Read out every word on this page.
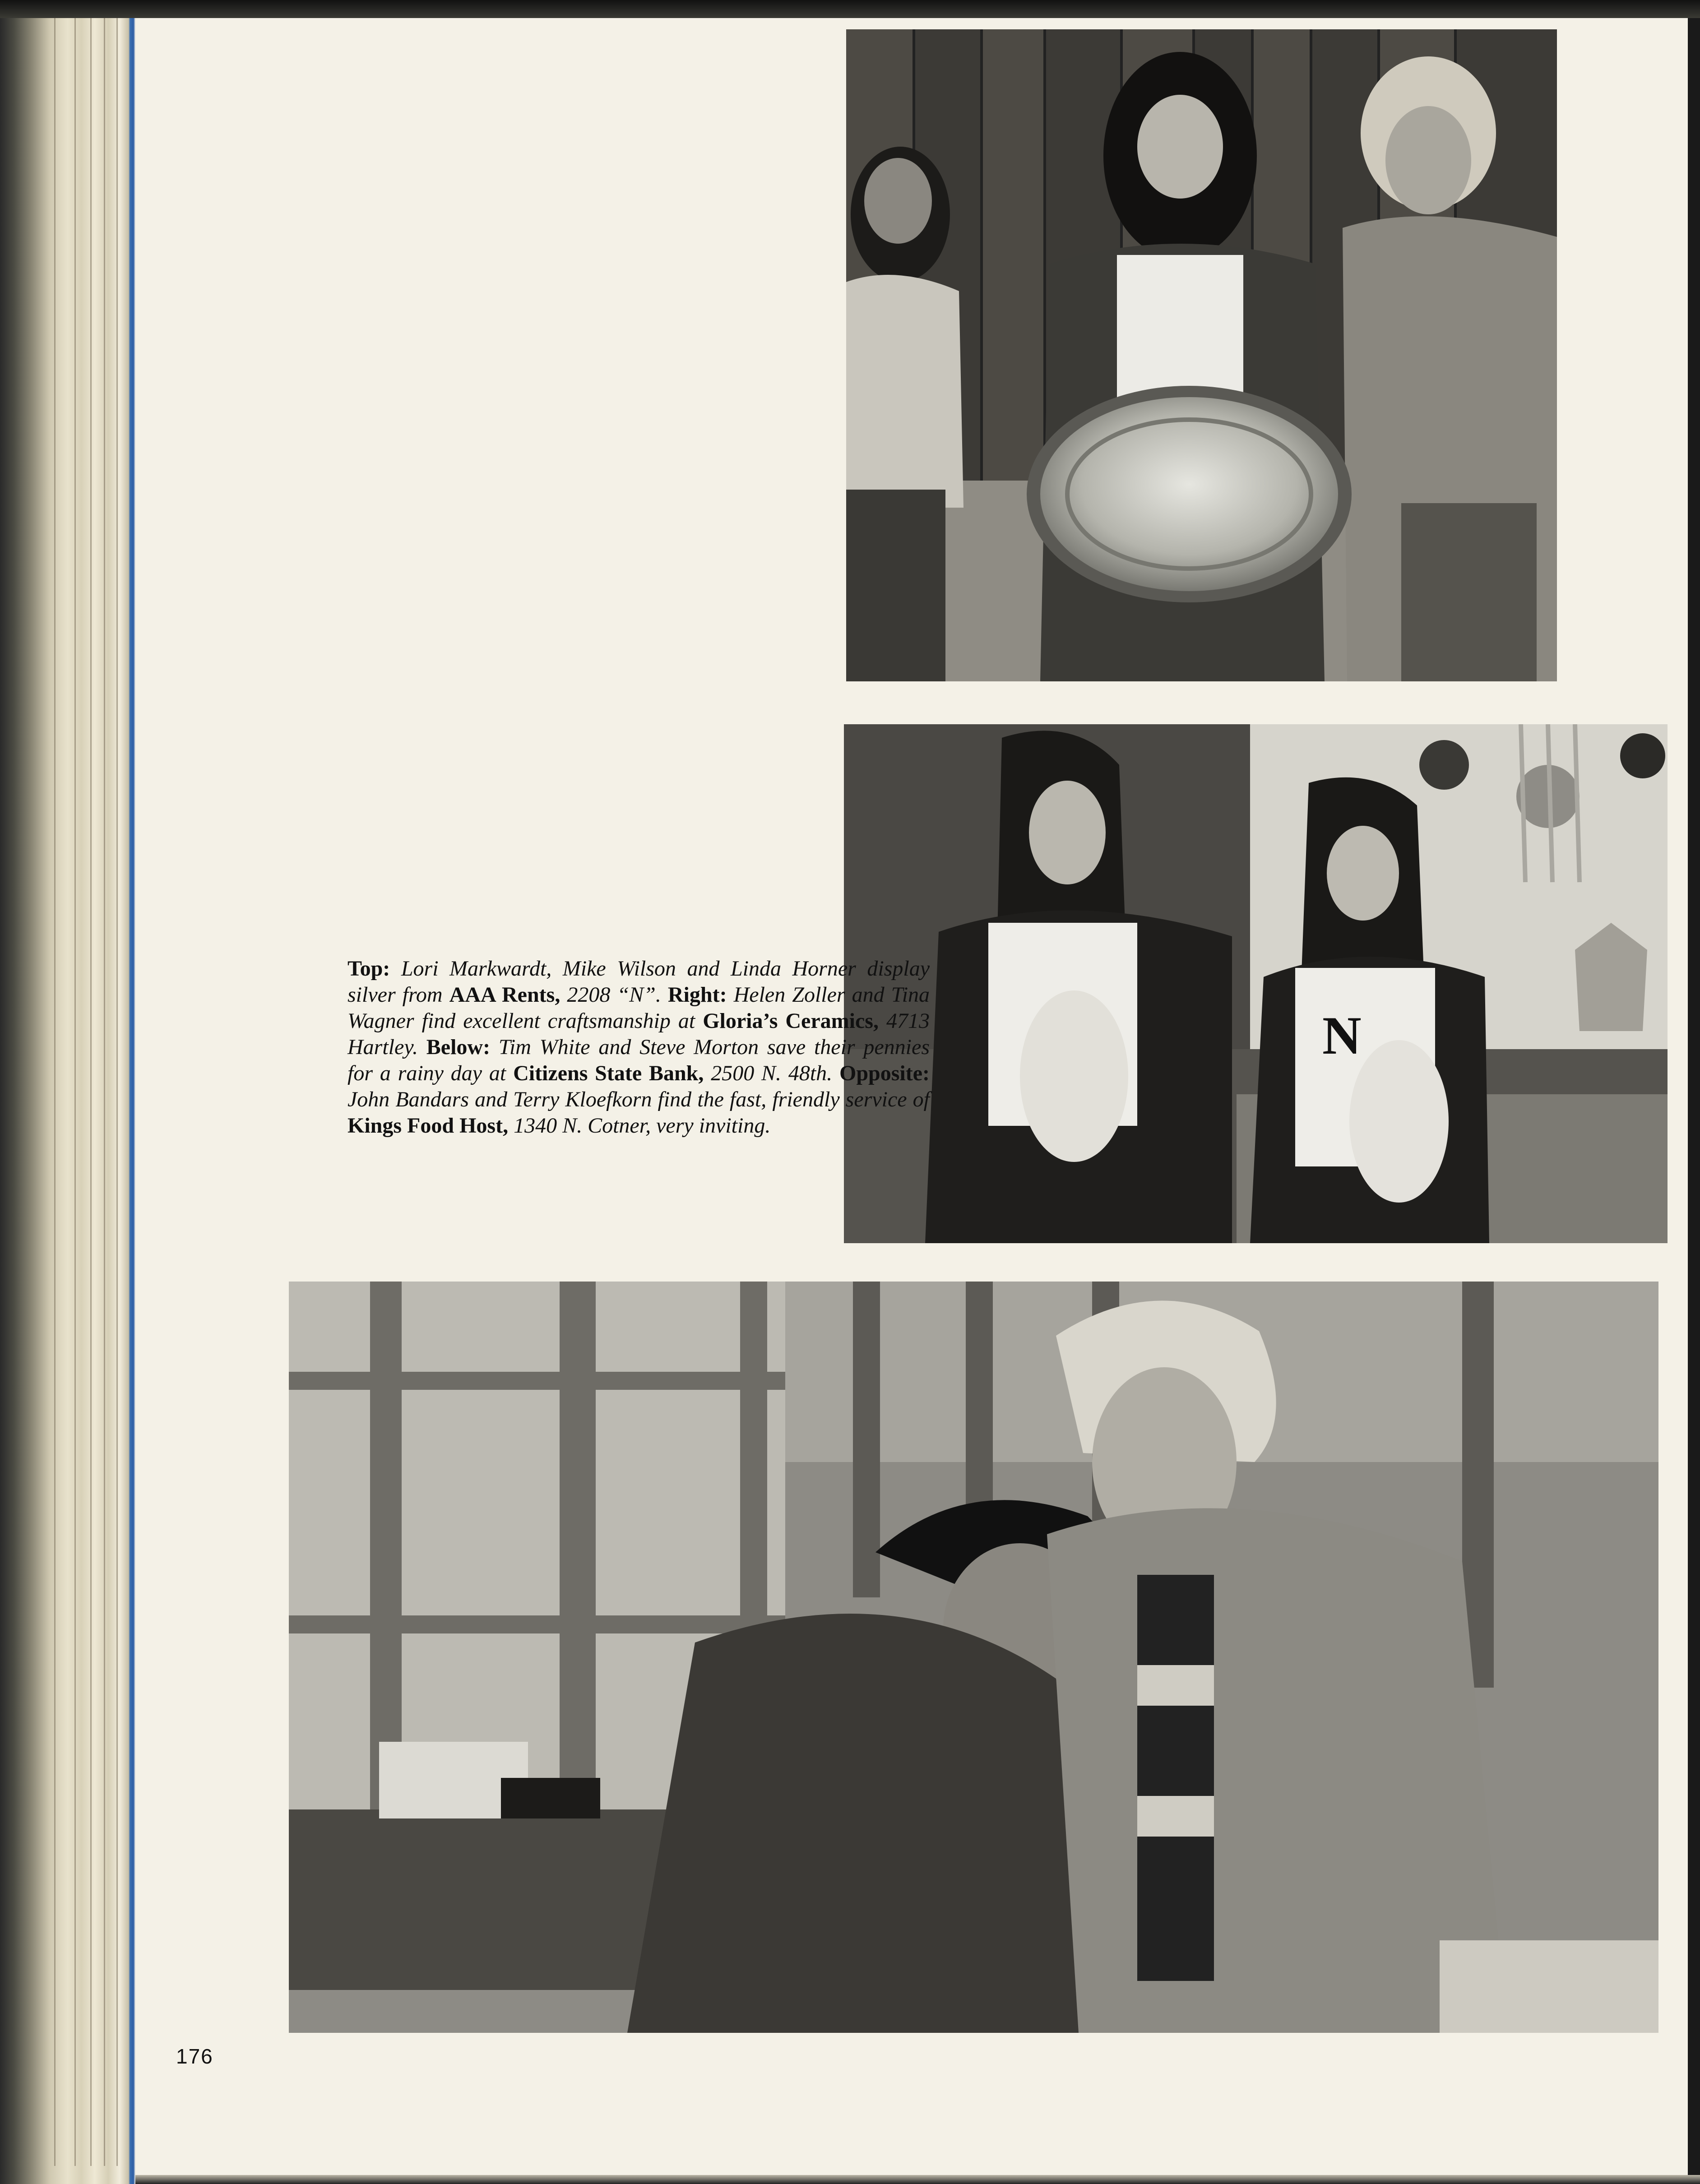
N

Top: Lori Markwardt, Mike Wilson and Linda Horner display silver from AAA Rents, 2208 “N”. Right: Helen Zoller and Tina Wagner find excellent craftsmanship at Gloria’s Ceramics, 4713 Hartley. Below: Tim White and Steve Morton save their pennies for a rainy day at Citizens State Bank, 2500 N. 48th. Opposite: John Bandars and Terry Kloefkorn find the fast, friendly service of Kings Food Host, 1340 N. Cotner, very inviting.

176
